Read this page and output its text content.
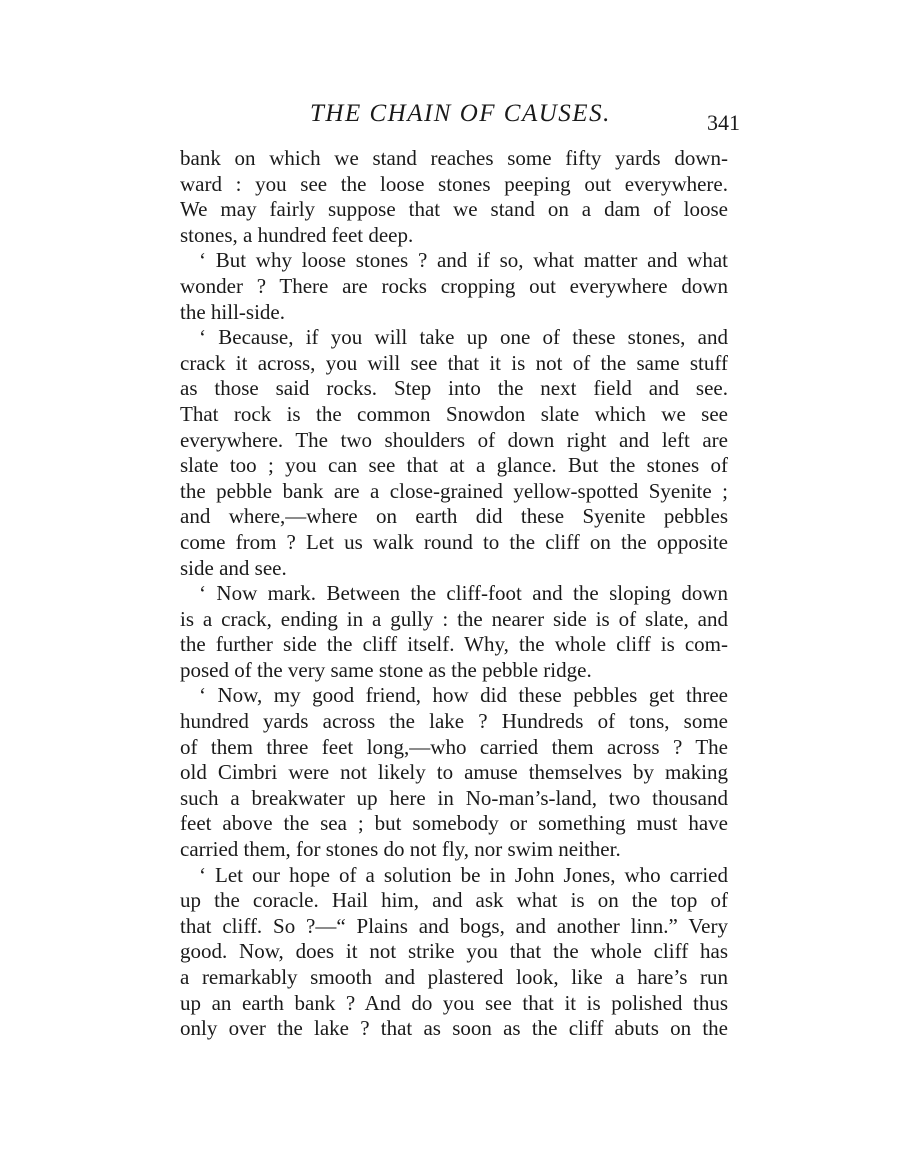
THE CHAIN OF CAUSES.	341
bank on which we stand reaches some fifty yards down-
ward : you see the loose stones peeping out everywhere.
We may fairly suppose that we stand on a dam of loose
stones, a hundred feet deep.
‘ But why loose stones ? and if so, what matter and what
wonder ? There are rocks cropping out everywhere down
the hill-side.
‘ Because, if you will take up one of these stones, and
crack it across, you will see that it is not of the same stuff
as those said rocks. Step into the next field and see.
That rock is the common Snowdon slate which we see
everywhere. The two shoulders of down right and left are
slate too ; you can see that at a glance. But the stones of
the pebble bank are a close-grained yellow-spotted Syenite ;
and where,—where on earth did these Syenite pebbles
come from ? Let us walk round to the cliff on the opposite
side and see.
‘ Now mark. Between the cliff-foot and the sloping down
is a crack, ending in a gully : the nearer side is of slate, and
the further side the cliff itself. Why, the whole cliff is com-
posed of the very same stone as the pebble ridge.
‘ Now, my good friend, how did these pebbles get three
hundred yards across the lake ? Hundreds of tons, some
of them three feet long,—who carried them across ? The
old Cimbri were not likely to amuse themselves by making
such a breakwater up here in No-man’s-land, two thousand
feet above the sea ; but somebody or something must have
carried them, for stones do not fly, nor swim neither.
‘ Let our hope of a solution be in John Jones, who carried
up the coracle. Hail him, and ask what is on the top of
that cliff. So ?—“ Plains and bogs, and another linn.” Very
good. Now, does it not strike you that the whole cliff has
a remarkably smooth and plastered look, like a hare’s run
up an earth bank ? And do you see that it is polished thus
only over the lake ? that as soon as the cliff abuts on the
